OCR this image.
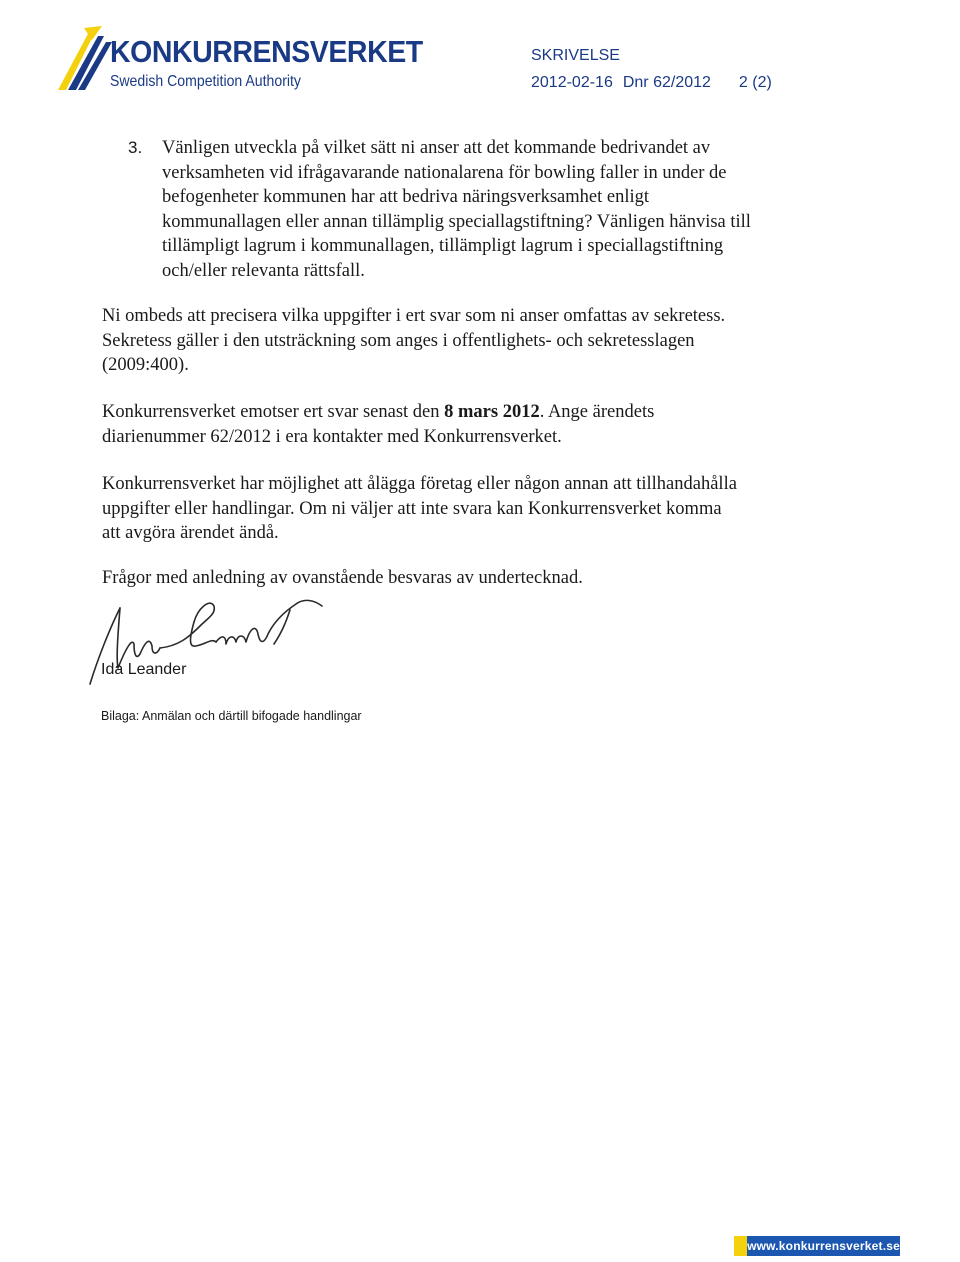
KONKURRENSVERKET
Swedish Competition Authority
SKRIVELSE
2012-02-16 Dnr 62/2012 2 (2)
3. Vänligen utveckla på vilket sätt ni anser att det kommande bedrivandet av verksamheten vid ifrågavarande nationalarena för bowling faller in under de befogenheter kommunen har att bedriva näringsverksamhet enligt kommunallagen eller annan tillämplig speciallagstiftning? Vänligen hänvisa till tillämpligt lagrum i kommunallagen, tillämpligt lagrum i speciallagstiftning och/eller relevanta rättsfall.
Ni ombeds att precisera vilka uppgifter i ert svar som ni anser omfattas av sekretess. Sekretess gäller i den utsträckning som anges i offentlighets- och sekretesslagen (2009:400).
Konkurrensverket emotser ert svar senast den 8 mars 2012. Ange ärendets diarienummer 62/2012 i era kontakter med Konkurrensverket.
Konkurrensverket har möjlighet att ålägga företag eller någon annan att tillhandahålla uppgifter eller handlingar. Om ni väljer att inte svara kan Konkurrensverket komma att avgöra ärendet ändå.
Frågor med anledning av ovanstående besvaras av undertecknad.
Ida Leander
Bilaga: Anmälan och därtill bifogade handlingar
www.konkurrensverket.se
